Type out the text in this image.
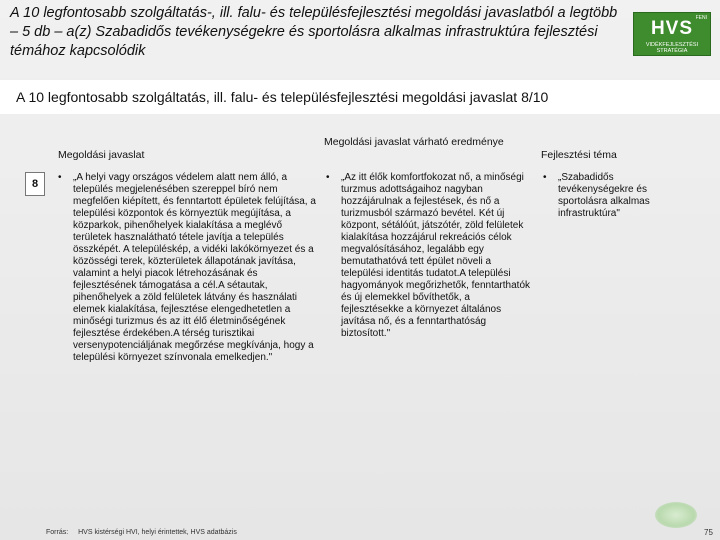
A 10 legfontosabb szolgáltatás-, ill. falu- és településfejlesztési megoldási javaslatból a legtöbb – 5 db – a(z) Szabadidős tevékenységekre és sportolásra alkalmas infrastruktúra fejlesztési témához kapcsolódik
FENI
HVS
VIDÉKFEJLESZTÉSI STRATÉGIA
A 10 legfontosabb szolgáltatás, ill. falu- és településfejlesztési megoldási javaslat 8/10
Megoldási javaslat
Megoldási javaslat várható eredménye
Fejlesztési téma
8
• „A helyi vagy országos védelem alatt nem álló, a település megjelenésében szereppel bíró nem megfelően kiépített, és fenntartott épületek felújítása, a települési központok és környeztük megújítása, a közparkok, pihenőhelyek kialakítása a meglévő területek hasznalátható tétele javítja a település összképét. A településkép, a vidéki lakókörnyezet és a közösségi terek, közterületek állapotának javítása, valamint a helyi piacok létrehozásának és fejlesztésének támogatása a cél.A sétautak, pihenőhelyek a zöld felületek látvány és használati elemek kialakítása, fejlesztése elengedhetetlen a minőségi turizmus és az itt élő életminőségének fejlesztése érdekében.A térség turisztikai versenypotenciáljának megőrzése megkívánja, hogy a települési környezet színvonala emelkedjen."
• „Az itt élők komfortfokozat nő, a minőségi turzmus adottságaihoz nagyban hozzájárulnak a fejlestések, és nő a turizmusból származó bevétel. Két új központ, sétálóút, játszótér, zöld felületek kialakítása hozzájárul rekreációs célok megvalósításához, legalább egy bemutathatóvá tett épület növeli a települési identitás tudatot.A települési hagyományok megőrizhetők, fenntarthatók és új elemekkel bővíthetők, a fejlesztésekke a környezet általános javítása nő, és a fenntarthatóság biztosított."
• „Szabadidős tevékenységekre és sportolásra alkalmas infrastruktúra"
Forrás: HVS kistérségi HVI, helyi érintettek, HVS adatbázis	75
